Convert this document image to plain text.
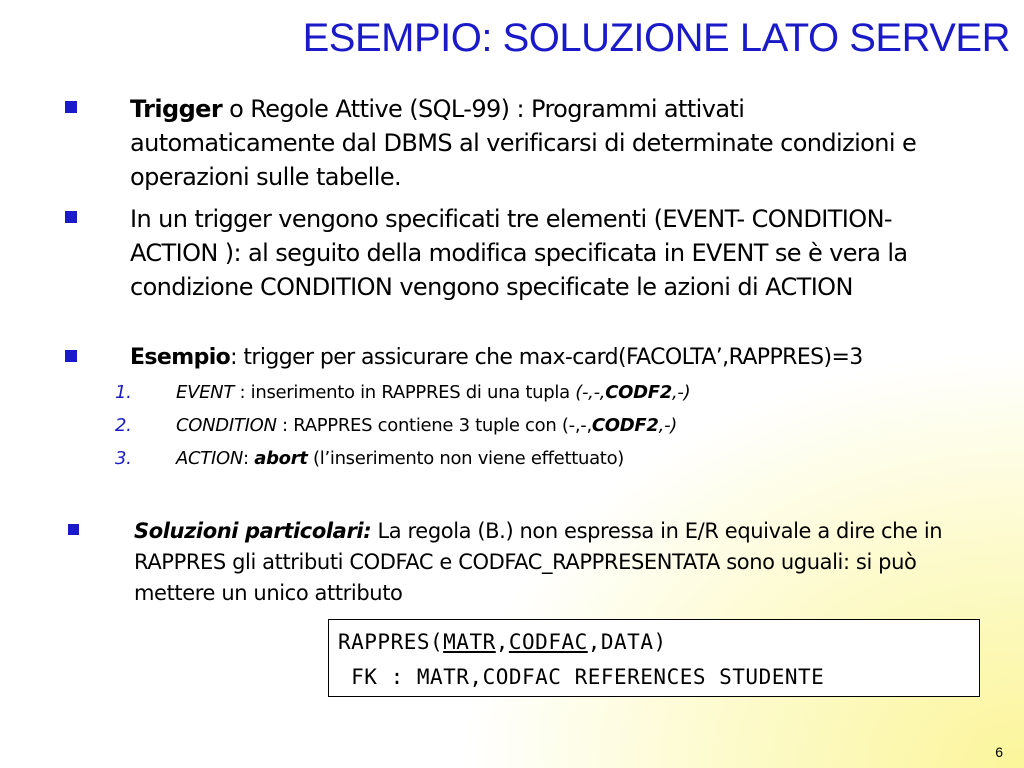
ESEMPIO: SOLUZIONE LATO SERVER
Trigger o Regole Attive (SQL-99) : Programmi attivati automaticamente dal DBMS al verificarsi di determinate condizioni e operazioni sulle tabelle.
In un trigger vengono specificati tre elementi (EVENT- CONDITION- ACTION ): al seguito della modifica specificata in EVENT se è vera la condizione CONDITION vengono specificate le azioni di ACTION
Esempio: trigger per assicurare che max-card(FACOLTA’,RAPPRES)=3
1. EVENT : inserimento in RAPPRES di una tupla (-,-,CODF2,-)
2. CONDITION : RAPPRES contiene 3 tuple con (-,-,CODF2,-)
3. ACTION: abort (l’inserimento non viene effettuato)
Soluzioni particolari: La regola (B.) non espressa in E/R equivale a dire che in RAPPRES gli attributi CODFAC e CODFAC_RAPPRESENTATA sono uguali: si può mettere un unico attributo
RAPPRES(MATR,CODFAC,DATA)
FK : MATR,CODFAC REFERENCES STUDENTE
6
